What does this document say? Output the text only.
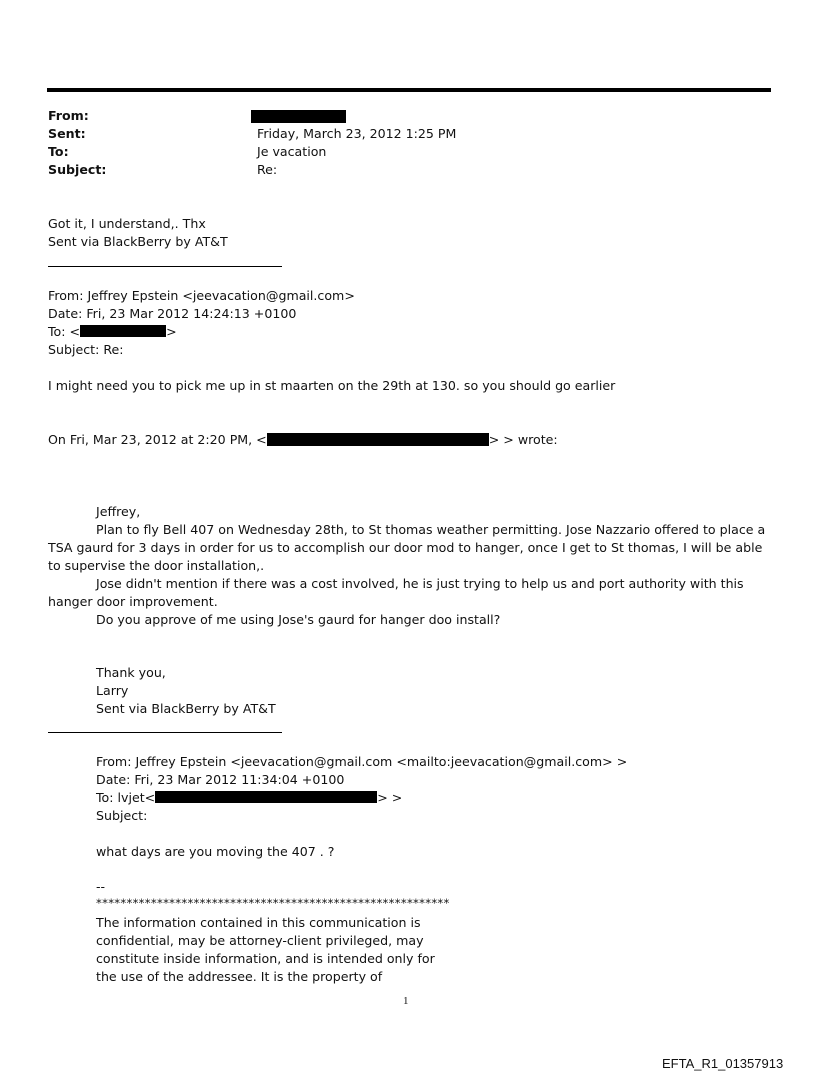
From:
Sent:	Friday, March 23, 2012 1:25 PM
To:	Je vacation
Subject:	Re:
Got it, I understand,. Thx
Sent via BlackBerry by AT&T
From: Jeffrey Epstein <jeevacation@gmail.com>
Date: Fri, 23 Mar 2012 14:24:13 +0100
To: <	>
Subject: Re:
I might need you to pick me up in st maarten on the 29th at 130. so you should go earlier
On Fri, Mar 23, 2012 at 2:20 PM, <	> > wrote:
Jeffrey,
Plan to fly Bell 407 on Wednesday 28th, to St thomas weather permitting. Jose Nazzario offered to place a TSA gaurd for 3 days in order for us to accomplish our door mod to hanger, once I get to St thomas, I will be able to supervise the door installation,.
Jose didn't mention if there was a cost involved, he is just trying to help us and port authority with this hanger door improvement.
Do you approve of me using Jose's gaurd for hanger doo install?
Thank you,
Larry
Sent via BlackBerry by AT&T
From: Jeffrey Epstein <jeevacation@gmail.com <mailto:jeevacation@gmail.com> >
Date: Fri, 23 Mar 2012 11:34:04 +0100
To: lvjet<	> >
Subject:
what days are you moving the 407 . ?
--
**********************************************************
The information contained in this communication is
confidential, may be attorney-client privileged, may
constitute inside information, and is intended only for
the use of the addressee. It is the property of
1
EFTA_R1_01357913
